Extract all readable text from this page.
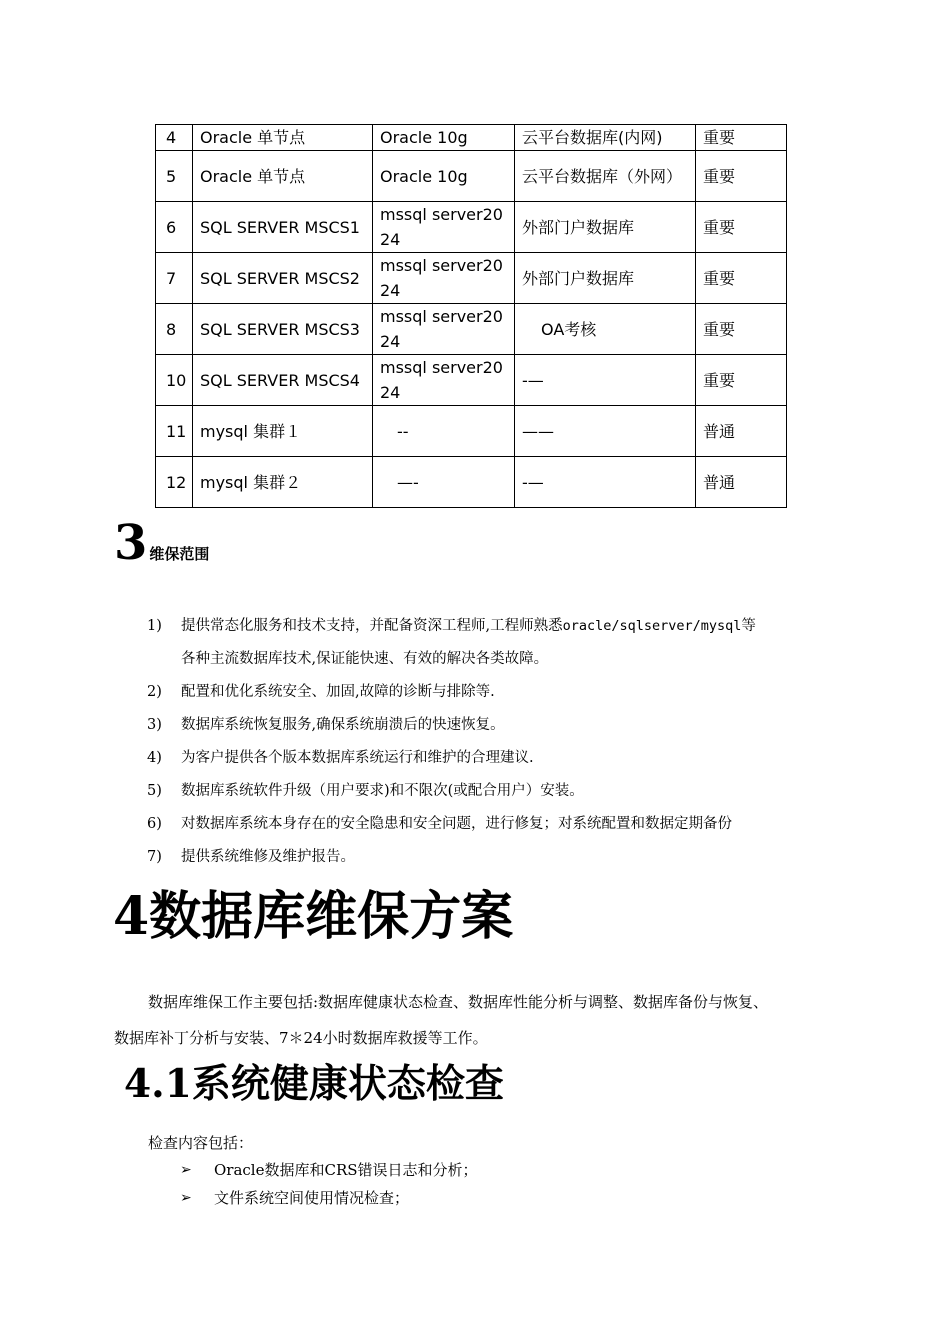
4	Oracle 单节点	Oracle 10g	云平台数据库(内网)	重要
5	Oracle 单节点	Oracle 10g	云平台数据库（外网）	重要
6	SQL SERVER MSCS1	mssql server2024	外部门户数据库	重要
7	SQL SERVER MSCS2	mssql server2024	外部门户数据库	重要
8	SQL SERVER MSCS3	mssql server2024	OA考核	重要
10	SQL SERVER MSCS4	mssql server2024	-—	重要
11	mysql 集群１	--	——	普通
12	mysql 集群２	—-	-—	普通
3 维保范围
1)	提供常态化服务和技术支持，并配备资深工程师,工程师熟悉oracle/sqlserver/mysql等
各种主流数据库技术,保证能快速、有效的解决各类故障。
2)	配置和优化系统安全、加固,故障的诊断与排除等.
3)	数据库系统恢复服务,确保系统崩溃后的快速恢复。
4)	为客户提供各个版本数据库系统运行和维护的合理建议.
5)	数据库系统软件升级（用户要求)和不限次(或配合用户）安装。
6)	对数据库系统本身存在的安全隐患和安全问题，进行修复；对系统配置和数据定期备份
7)	提供系统维修及维护报告。
4数据库维保方案
数据库维保工作主要包括:数据库健康状态检查、数据库性能分析与调整、数据库备份与恢复、
数据库补丁分析与安装、7＊24小时数据库救援等工作。
4.1系统健康状态检查
检查内容包括：
➢	Oracle数据库和CRS错误日志和分析；
➢	文件系统空间使用情况检查；
